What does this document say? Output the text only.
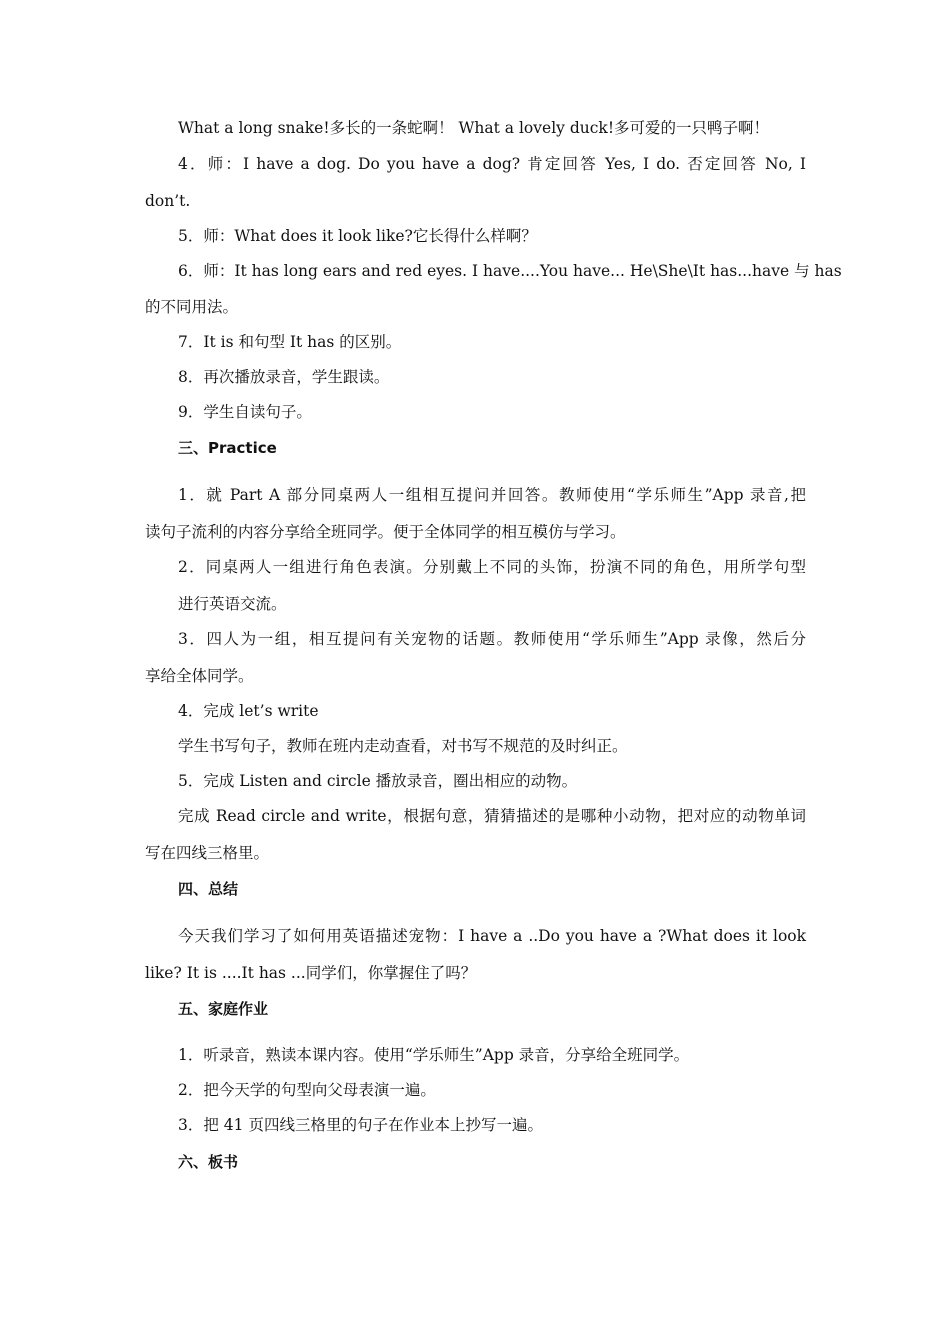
What a long snake!多长的一条蛇啊！ What a lovely duck!多可爱的一只鸭子啊！
4．师：I have a dog. Do you have a dog? 肯定回答 Yes, I do. 否定回答 No, I
don’t.
5．师：What does it look like?它长得什么样啊？
6．师：It has long ears and red eyes. I have....You have... He\She\It has...have 与 has
的不同用法。
7．It is 和句型 It has 的区别。
8．再次播放录音，学生跟读。
9．学生自读句子。
三、Practice
1．就 Part A 部分同桌两人一组相互提问并回答。教师使用“学乐师生”App 录音,把
读句子流利的内容分享给全班同学。便于全体同学的相互模仿与学习。
2．同桌两人一组进行角色表演。分别戴上不同的头饰，扮演不同的角色，用所学句型
进行英语交流。
3．四人为一组，相互提问有关宠物的话题。教师使用“学乐师生”App 录像，然后分
享给全体同学。
4．完成 let’s write
学生书写句子，教师在班内走动查看，对书写不规范的及时纠正。
5．完成 Listen and circle 播放录音，圈出相应的动物。
完成 Read circle and write，根据句意，猜猜描述的是哪种小动物，把对应的动物单词
写在四线三格里。
四、总结
今天我们学习了如何用英语描述宠物：I have a ..Do you have a ?What does it look
like? It is ....It has ...同学们，你掌握住了吗？
五、家庭作业
1．听录音，熟读本课内容。使用“学乐师生”App 录音，分享给全班同学。
2．把今天学的句型向父母表演一遍。
3．把 41 页四线三格里的句子在作业本上抄写一遍。
六、板书
